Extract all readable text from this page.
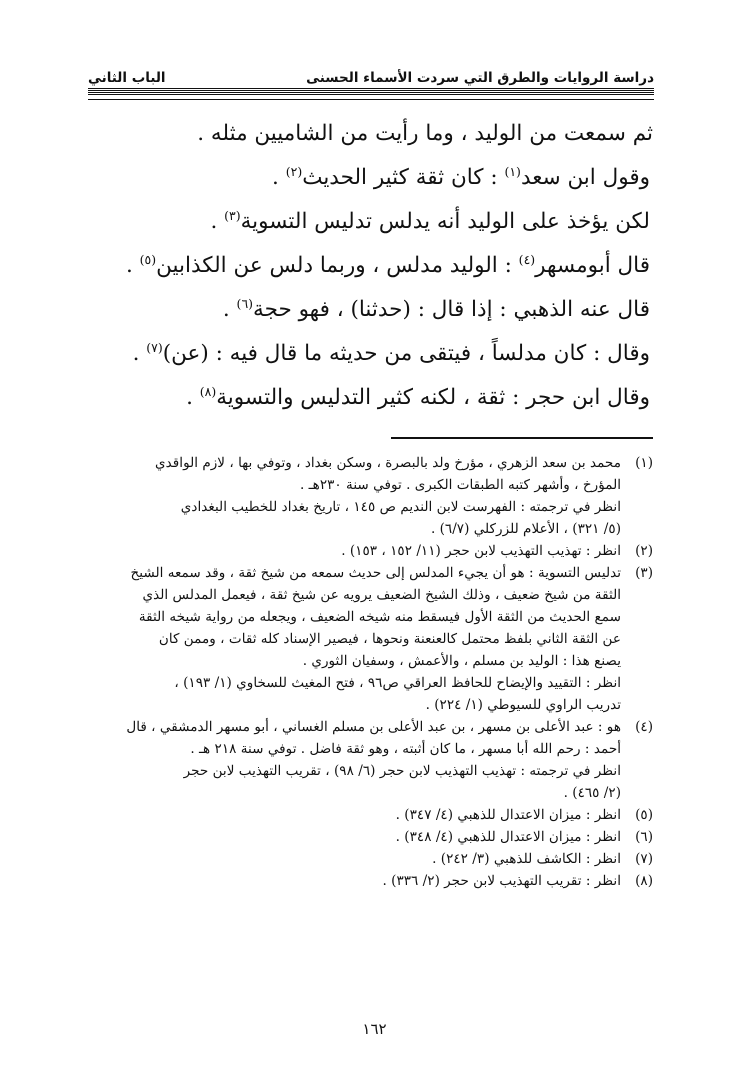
دراسة الروايات والطرق التي سردت الأسماء الحسنى
الباب الثاني

ثم سمعت من الوليد ، وما رأيت من الشاميين مثله .

وقول ابن سعد$^{(١)}$ : كان ثقة كثير الحديث$^{(٢)}$ .

لكن يؤخذ على الوليد أنه يدلس تدليس التسوية$^{(٣)}$ .

قال أبومسهر$^{(٤)}$ : الوليد مدلس ، وربما دلس عن الكذابين$^{(٥)}$ .

قال عنه الذهبي : إذا قال : (حدثنا) ، فهو حجة$^{(٦)}$ .

وقال : كان مدلساً ، فيتقى من حديثه ما قال فيه : (عن)$^{(٧)}$ .

وقال ابن حجر : ثقة ، لكنه كثير التدليس والتسوية$^{(٨)}$ .

(١)
محمد بن سعد الزهري ، مؤرخ ولد بالبصرة ، وسكن بغداد ، وتوفي بها ، لازم الواقدي
المؤرخ ، وأشهر كتبه الطبقات الكبرى . توفي سنة ٢٣٠هـ .
انظر في ترجمته : الفهرست لابن النديم ص ١٤٥ ، تاريخ بغداد للخطيب البغدادي
(٥/ ٣٢١) ، الأعلام للزركلي (٦/٧) .
(٢)
انظر : تهذيب التهذيب لابن حجر (١١/ ١٥٢ ، ١٥٣) .
(٣)
تدليس التسوية : هو أن يجيء المدلس إلى حديث سمعه من شيخ ثقة ، وقد سمعه الشيخ
الثقة من شيخ ضعيف ، وذلك الشيخ الضعيف يرويه عن شيخ ثقة ، فيعمل المدلس الذي
سمع الحديث من الثقة الأول فيسقط منه شيخه الضعيف ، ويجعله من رواية شيخه الثقة
عن الثقة الثاني بلفظ محتمل كالعنعنة ونحوها ، فيصير الإسناد كله ثقات ، وممن كان
يصنع هذا : الوليد بن مسلم ، والأعمش ، وسفيان الثوري .
انظر : التقييد والإيضاح للحافظ العراقي ص٩٦ ، فتح المغيث للسخاوي (١/ ١٩٣) ،
تدريب الراوي للسيوطي (١/ ٢٢٤) .
(٤)
هو : عبد الأعلى بن مسهر ، بن عبد الأعلى بن مسلم الغساني ، أبو مسهر الدمشقي ، قال
أحمد : رحم الله أبا مسهر ، ما كان أثبته ، وهو ثقة فاضل . توفي سنة ٢١٨ هـ .
انظر في ترجمته : تهذيب التهذيب لابن حجر (٦/ ٩٨) ، تقريب التهذيب لابن حجر
(٢/ ٤٦٥) .
(٥)
انظر : ميزان الاعتدال للذهبي (٤/ ٣٤٧) .
(٦)
انظر : ميزان الاعتدال للذهبي (٤/ ٣٤٨) .
(٧)
انظر : الكاشف للذهبي (٣/ ٢٤٢) .
(٨)
انظر : تقريب التهذيب لابن حجر (٢/ ٣٣٦) .
١٦٢
